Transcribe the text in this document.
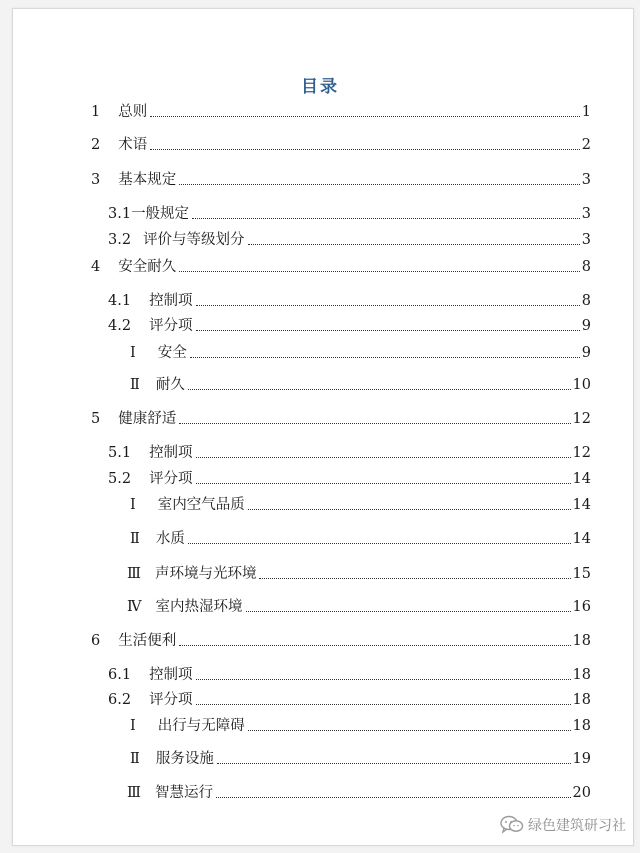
目录
1 总则	1
2 术语	2
3 基本规定	3
3.1 一般规定	3
3.2 评价与等级划分	3
4 安全耐久	8
4.1 控制项	8
4.2 评分项	9
Ⅰ 安全	9
Ⅱ 耐久	10
5 健康舒适	12
5.1 控制项	12
5.2 评分项	14
Ⅰ 室内空气品质	14
Ⅱ 水质	14
Ⅲ 声环境与光环境	15
Ⅳ 室内热湿环境	16
6 生活便利	18
6.1 控制项	18
6.2 评分项	18
Ⅰ 出行与无障碍	18
Ⅱ 服务设施	19
Ⅲ 智慧运行	20
绿色建筑研习社
